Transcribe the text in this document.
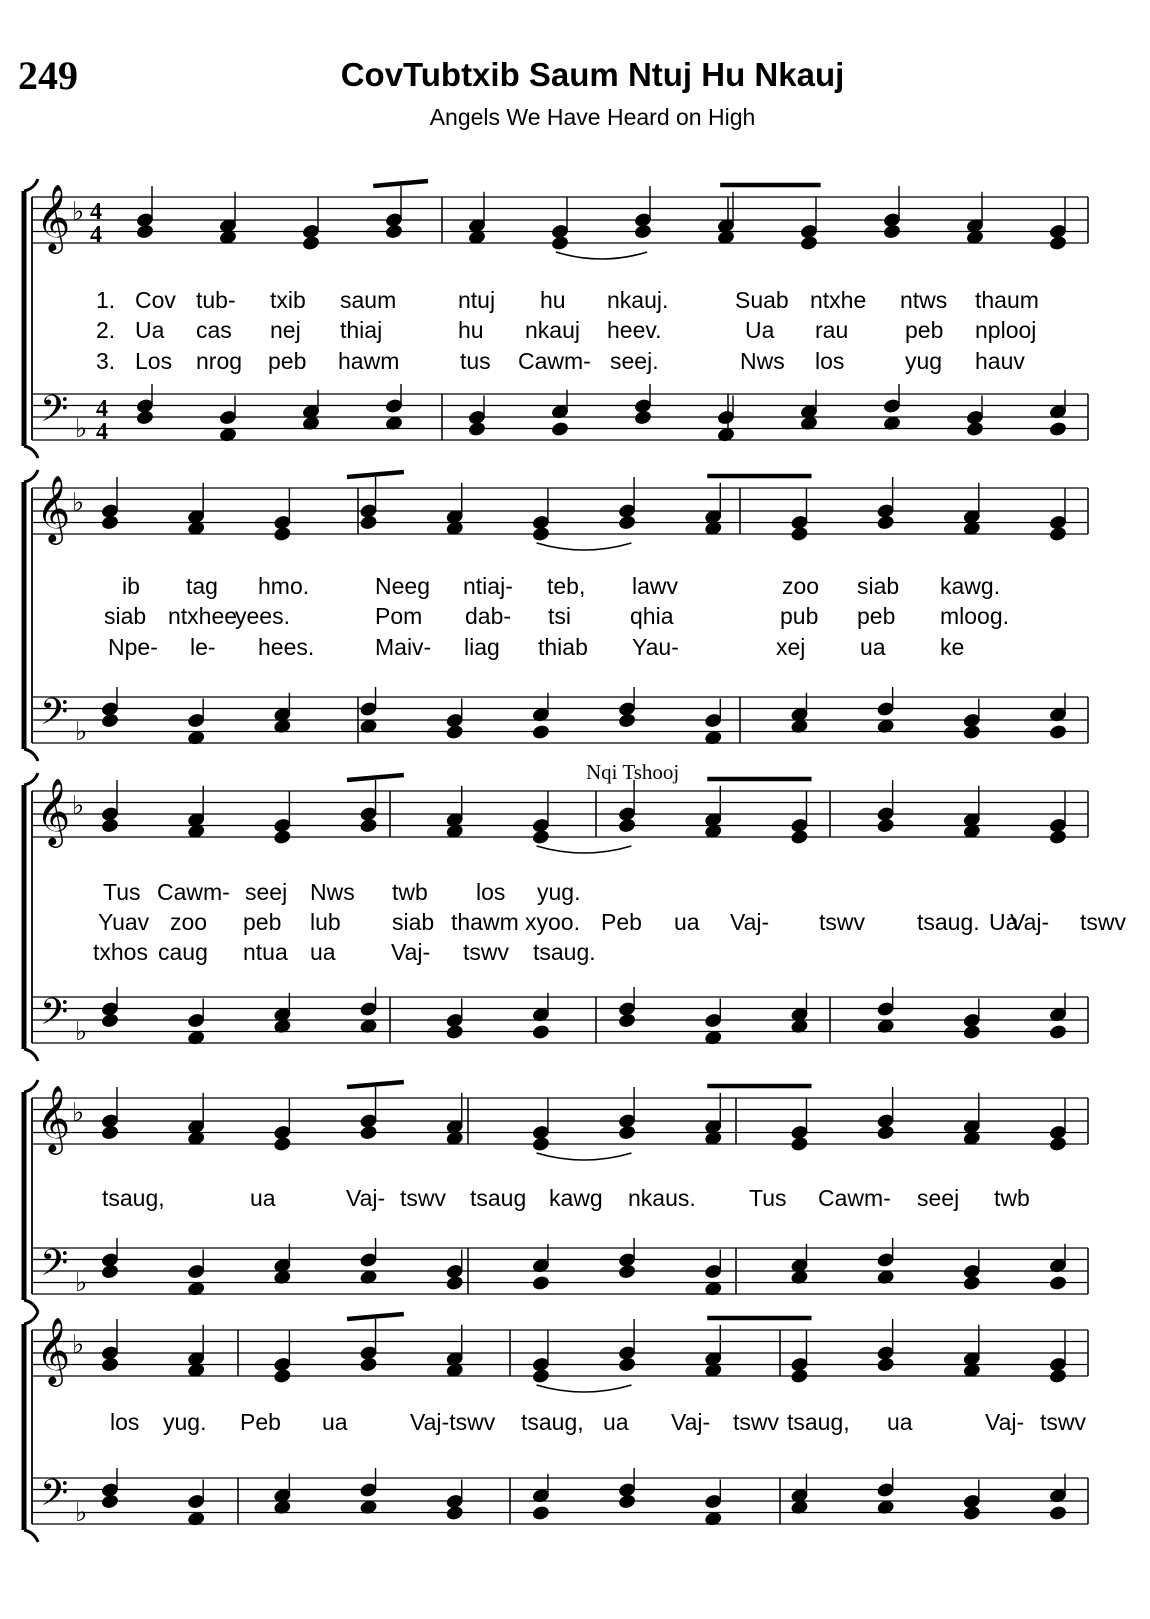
249	CovTubtxib Saum Ntuj Hu Nkauj
Angels We Have Heard on High
Nqi Tshooj
𝄞
𝄢
♭
♭
4
4
4
4
1. Cov tub- txib saum	ntuj hu nkauj.	Suab ntxhe ntws thaum
2. Ua cas nej thiaj	hu nkauj heev.	Ua rau peb nplooj
3. Los nrog peb hawm	tus Cawm- seej.	Nws los	yug hauv
𝄞
𝄢
♭
♭
ib tag hmo.	Neeg ntiaj- teb, lawv	zoo siab kawg.
siab ntxhee
yees.	Pom dab- tsi	qhia	pub peb mloog.
Npe- le- hees.	Maiv- liag thiab Yau-	xej ua ke
𝄞
𝄢
♭
♭
Tus Cawm- seej Nws twb los yug.
Yuav zoo peb lub siab thawm xyoo. Peb ua Vaj- tswv tsaug. Ua
Vaj- tswv
txhos caug ntua ua Vaj- tswv tsaug.
𝄞
𝄢
♭
♭
tsaug,	ua	Vaj- tswv tsaug kawg nkaus. Tus Cawm- seej twb
𝄞
𝄢
♭
♭
los yug. Peb ua	Vaj-tswv tsaug, ua Vaj- tswv tsaug, ua	Vaj- tswv
